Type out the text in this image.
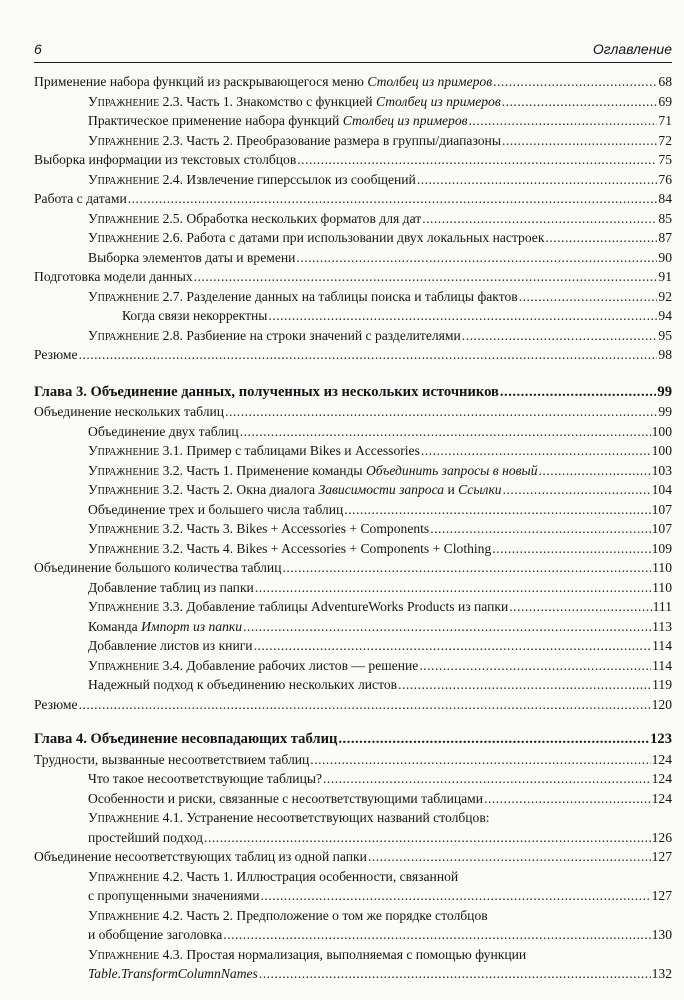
6	Оглавление
Применение набора функций из раскрывающегося меню Столбец из примеров .....	68
Упражнение 2.3. Часть 1. Знакомство с функцией Столбец из примеров .....	69
Практическое применение набора функций Столбец из примеров .....	71
Упражнение 2.3. Часть 2. Преобразование размера в группы/диапазоны .....	72
Выборка информации из текстовых столбцов .....	75
Упражнение 2.4. Извлечение гиперссылок из сообщений .....	76
Работа с датами .....	84
Упражнение 2.5. Обработка нескольких форматов для дат .....	85
Упражнение 2.6. Работа с датами при использовании двух локальных настроек .....	87
Выборка элементов даты и времени .....	90
Подготовка модели данных .....	91
Упражнение 2.7. Разделение данных на таблицы поиска и таблицы фактов .....	92
Когда связи некорректны .....	94
Упражнение 2.8. Разбиение на строки значений с разделителями .....	95
Резюме .....	98
Глава 3. Объединение данных, полученных из нескольких источников .....	99
Объединение нескольких таблиц .....	99
Объединение двух таблиц .....	100
Упражнение 3.1. Пример с таблицами Bikes и Accessories .....	100
Упражнение 3.2. Часть 1. Применение команды Объединить запросы в новый .....	103
Упражнение 3.2. Часть 2. Окна диалога Зависимости запроса и Ссылки .....	104
Объединение трех и большего числа таблиц .....	107
Упражнение 3.2. Часть 3. Bikes + Accessories + Components .....	107
Упражнение 3.2. Часть 4. Bikes + Accessories + Components + Clothing .....	109
Объединение большого количества таблиц .....	110
Добавление таблиц из папки .....	110
Упражнение 3.3. Добавление таблицы AdventureWorks Products из папки .....	111
Команда Импорт из папки .....	113
Добавление листов из книги .....	114
Упражнение 3.4. Добавление рабочих листов — решение .....	114
Надежный подход к объединению нескольких листов .....	119
Резюме .....	120
Глава 4. Объединение несовпадающих таблиц .....	123
Трудности, вызванные несоответствием таблиц .....	124
Что такое несоответствующие таблицы? .....	124
Особенности и риски, связанные с несоответствующими таблицами .....	124
Упражнение 4.1. Устранение несоответствующих названий столбцов:
простейший подход .....	126
Объединение несоответствующих таблиц из одной папки .....	127
Упражнение 4.2. Часть 1. Иллюстрация особенности, связанной
с пропущенными значениями .....	127
Упражнение 4.2. Часть 2. Предположение о том же порядке столбцов
и обобщение заголовка .....	130
Упражнение 4.3. Простая нормализация, выполняемая с помощью функции
Table.TransformColumnNames .....	132
